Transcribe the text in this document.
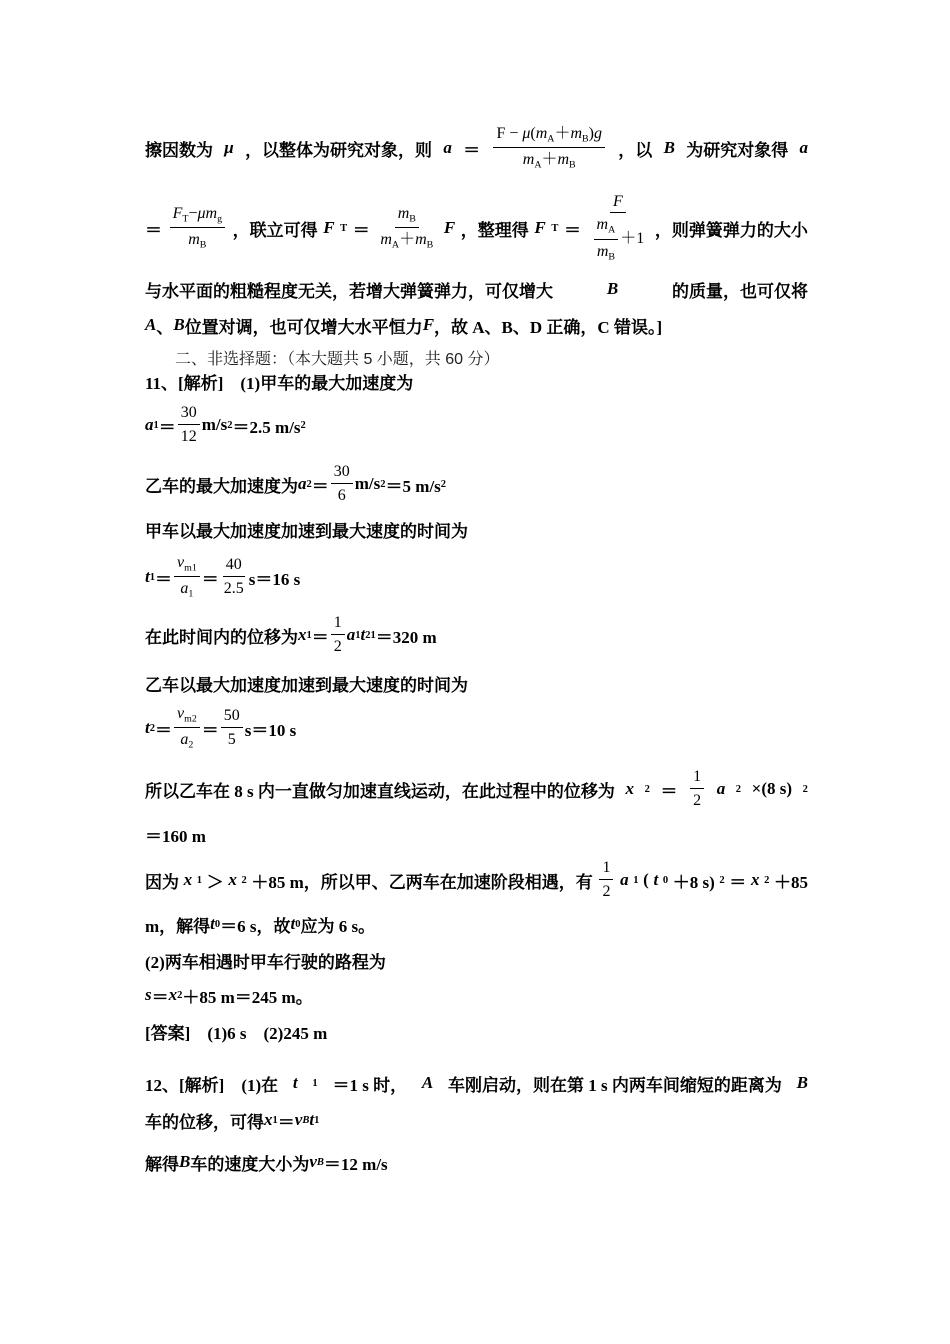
擦因数为 μ ，以整体为研究对象，则 $a = \frac{F - \mu(m_A+m_B)g}{m_A+m_B}$ ，以 B 为研究对象得 a
＝ $\frac{F_T-\mu m_g}{m_B}$ ，联立可得 F $T = \frac{m_B}{m_A+m_B}$ F ，整理得 F $T = \frac{F}{\frac{m_A}{m_B} +1}$ ，则弹簧弹力的大小
与水平面的粗糙程度无关，若增大弹簧弹力，可仅增大	B	的质量，也可仅将
A 、 B 位置对调，也可仅增大水平恒力 F ，故 A、B、D 正确，C 错误。]
二、非选择题：（本大题共 5 小题，共 60 分）
11、[解析]　(1)甲车的最大加速度为
a $1 = \frac{30}{12} m/s$ 2 ＝2.5 m/s 2
乙车的最大加速度为 a $2 = \frac{30}{6} m/s$ 2 ＝5 m/s 2
甲车以最大加速度加速到最大速度的时间为
t $1 = \frac{v_{m1}}{a_1} = \frac{40}{2.5} s=16$ s
在此时间内的位移为 x $1 = \frac{1}{2}$ a 1 t 2 1 ＝320 m
乙车以最大加速度加速到最大速度的时间为
t $2 = \frac{v_{m2}}{a_2} = \frac{50}{5} s=10$ s
所以乙车在 8 s 内一直做匀加速直线运动，在此过程中的位移为 x $2 = \frac{1}{2}$ a 2 ×(8 s) 2
＝160 m
因为 x 1 ＞ x 2 ＋85 m，所以甲、乙两车在加速阶段相遇，有 $\frac{1}{2}$ a 1 ( t 0 ＋8 s) 2 ＝ x 2 ＋85
m，解得 t 0 ＝6 s，故 t 0 应为 6 s。
(2)两车相遇时甲车行驶的路程为
s ＝ x 2 ＋85 m＝245 m。
[答案]　(1)6 s　(2)245 m
12、[解析]　(1)在 t 1 ＝1 s 时， A 车刚启动，则在第 1 s 内两车间缩短的距离为 B
车的位移，可得 x 1 ＝ v B t 1
解得 B 车的速度大小为 v B ＝12 m/s
